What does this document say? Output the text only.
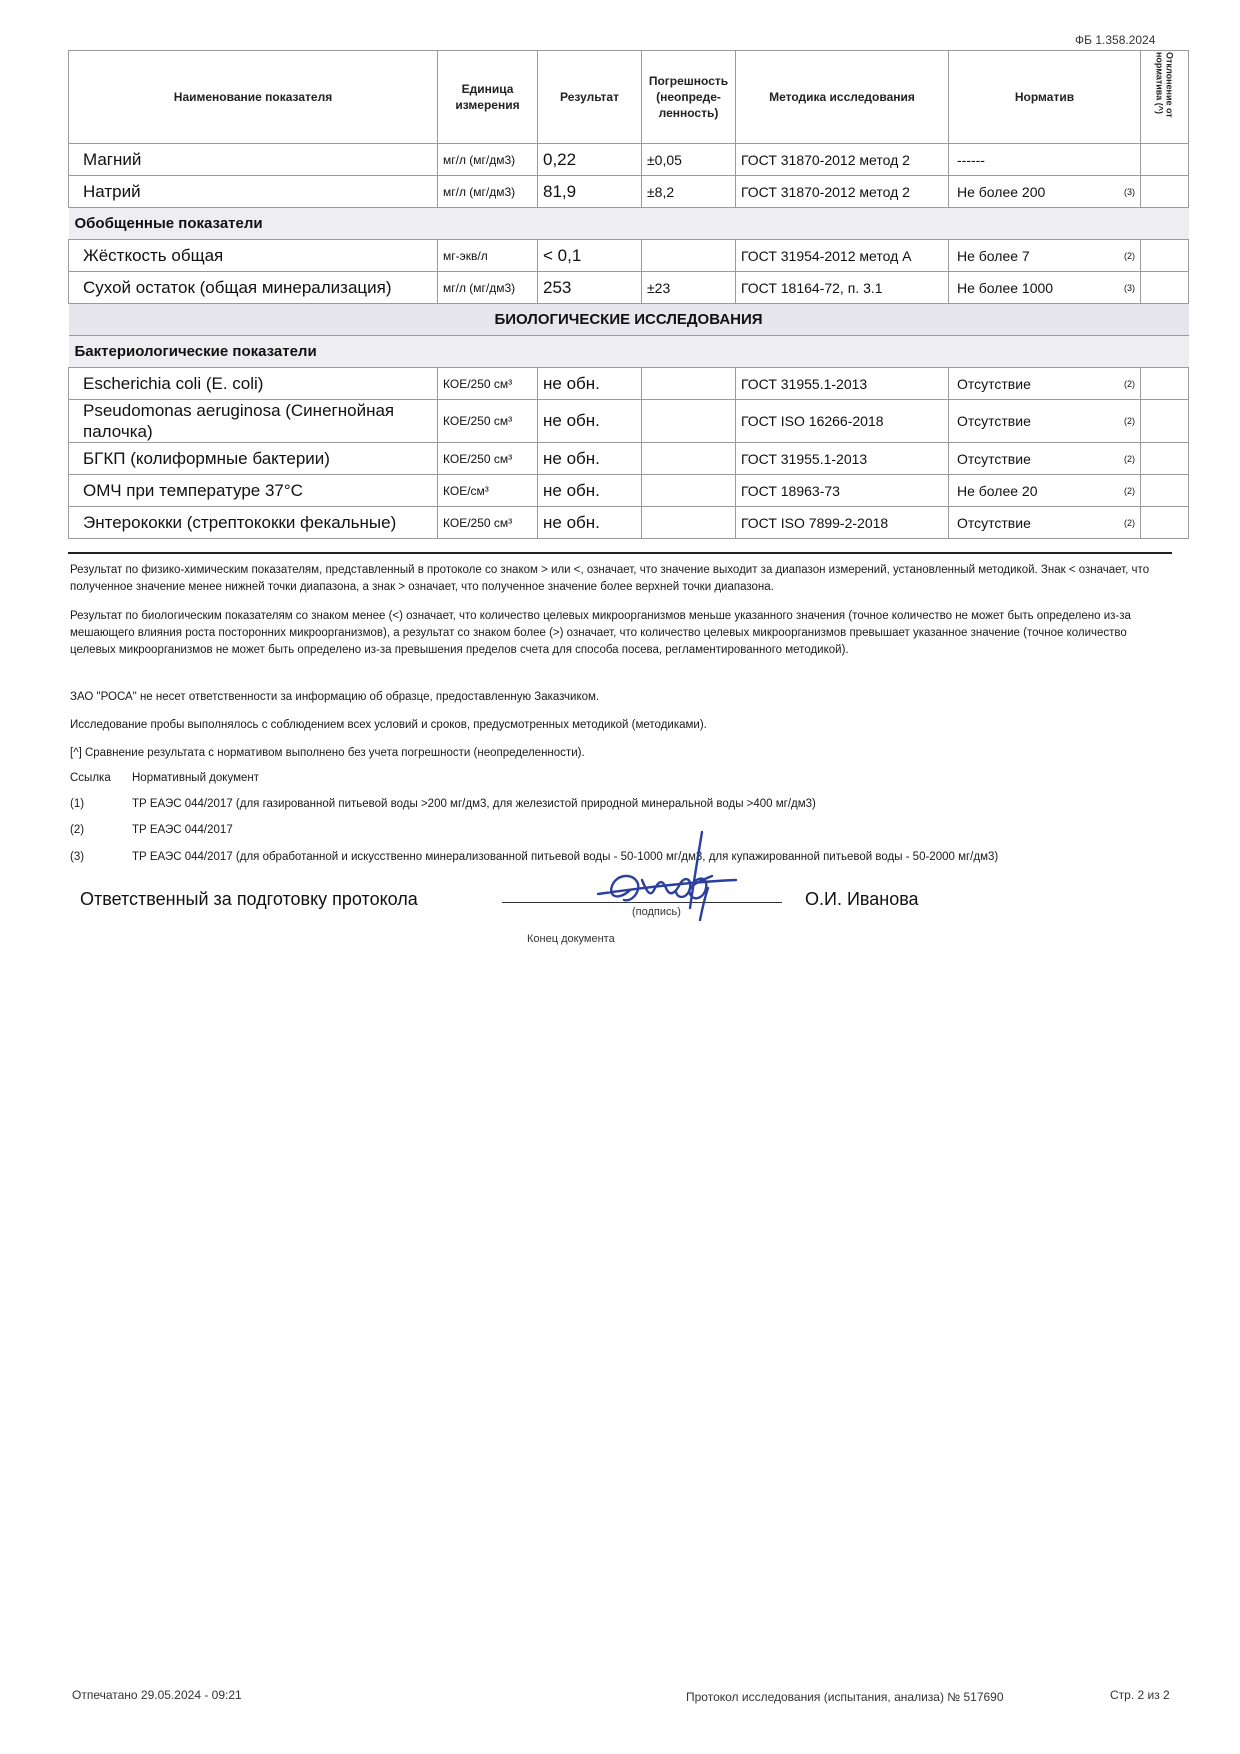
ФБ 1.358.2024
Наименование показателя	Единица измерения	Результат	Погрешность (неопреде-ленность)	Методика исследования	Норматив	Отклонение от норматива (^)

Магний	мг/л (мг/дм3)	0,22	±0,05	ГОСТ 31870-2012 метод 2	------	
Натрий	мг/л (мг/дм3)	81,9	±8,2	ГОСТ 31870-2012 метод 2	Не более 200 (3)	

Обобщенные показатели						
Жёсткость общая	мг-экв/л	< 0,1		ГОСТ 31954-2012 метод А	Не более 7 (2)	

Сухой остаток (общая минерализация)	мг/л (мг/дм3)	253	±23	ГОСТ 18164-72, п. 3.1	Не более 1000 (3)	

БИОЛОГИЧЕСКИЕ ИССЛЕДОВАНИЯ						
Бактериологические показатели						
Escherichia coli (E. coli)	КОЕ/250 см³	не обн.		ГОСТ 31955.1-2013	Отсутствие (2)	

Pseudomonas aeruginosa (Синегнойная палочка)	КОЕ/250 см³	не обн.		ГОСТ ISO 16266-2018	Отсутствие (2)	

БГКП (колиформные бактерии)	КОЕ/250 см³	не обн.		ГОСТ 31955.1-2013	Отсутствие (2)	

ОМЧ при температуре 37°С	КОЕ/см³	не обн.		ГОСТ 18963-73	Не более 20 (2)	

Энтерококки (стрептококки фекальные)	КОЕ/250 см³	не обн.		ГОСТ ISO 7899-2-2018	Отсутствие (2)	

Результат по физико-химическим показателям, представленный в протоколе со знаком > или <, означает, что значение выходит за диапазон измерений, установленный методикой. Знак < означает, что полученное значение менее нижней точки диапазона, а знак > означает, что полученное значение более верхней точки диапазона.
Результат по биологическим показателям со знаком менее (<) означает, что количество целевых микроорганизмов меньше указанного значения (точное количество не может быть определено из-за мешающего влияния роста посторонних микроорганизмов), а результат со знаком более (>) означает, что количество целевых микроорганизмов превышает указанное значение (точное количество целевых микроорганизмов не может быть определено из-за превышения пределов счета для способа посева, регламентированного методикой).
ЗАО "РОСА" не несет ответственности за информацию об образце, предоставленную Заказчиком.
Исследование пробы выполнялось с соблюдением всех условий и сроков, предусмотренных методикой (методиками).
[^] Сравнение результата с нормативом выполнено без учета погрешности (неопределенности).
Ссылка Нормативный документ
(1)	ТР ЕАЭС 044/2017 (для газированной питьевой воды >200 мг/дм3, для железистой природной минеральной воды >400 мг/дм3)
(2)	ТР ЕАЭС 044/2017
(3)	ТР ЕАЭС 044/2017 (для обработанной и искусственно минерализованной питьевой воды - 50-1000 мг/дм3, для купажированной питьевой воды - 50-2000 мг/дм3)
Ответственный за подготовку протокола
(подпись)
О.И. Иванова
Конец документа
Отпечатано 29.05.2024 - 09:21	Протокол исследования (испытания, анализа) № 517690	Стр. 2 из 2
